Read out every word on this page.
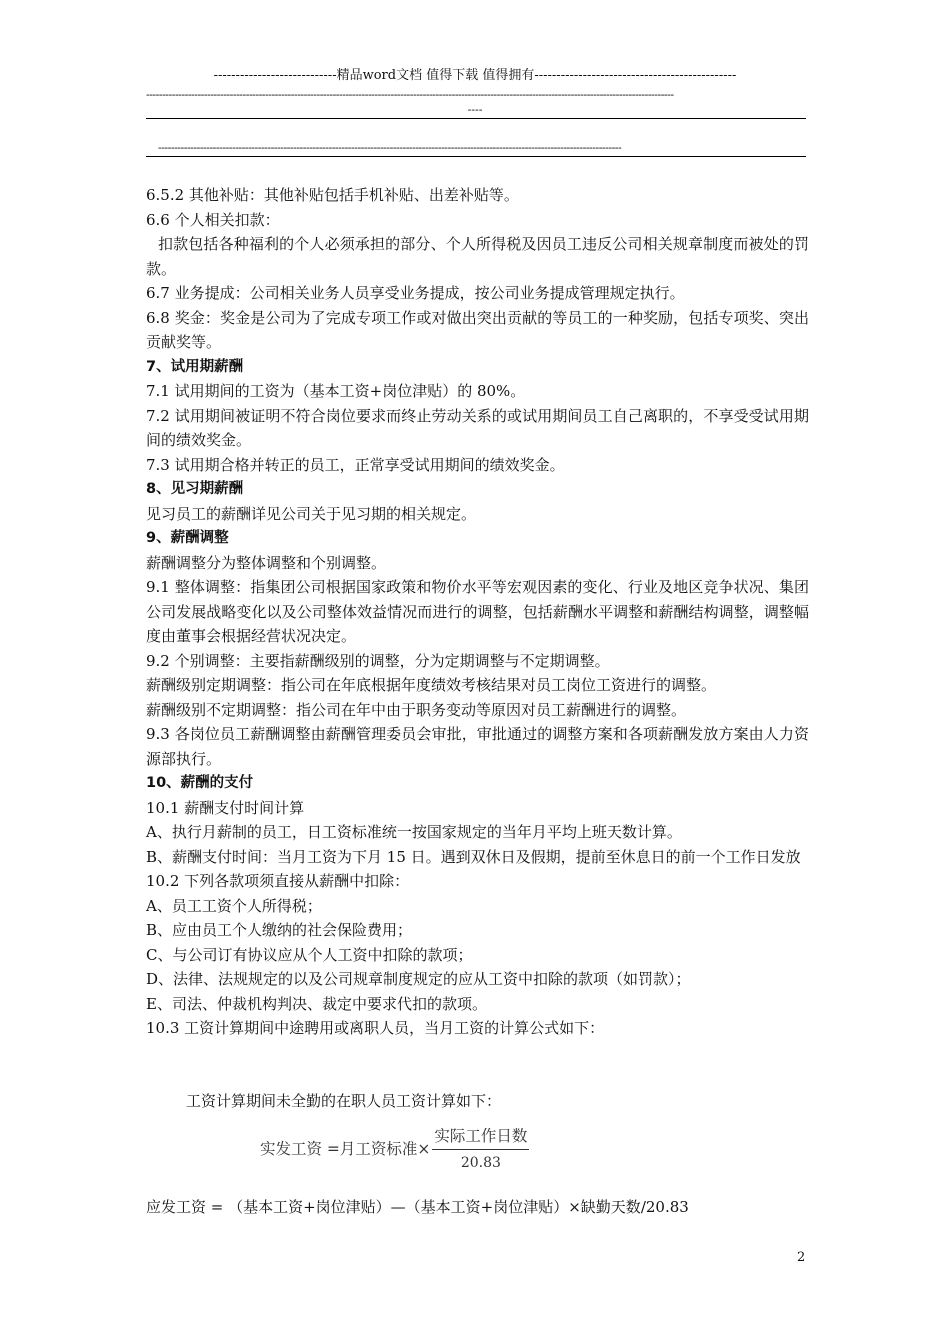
----------------------------精品word文档 值得下载 值得拥有----------------------------------------------
--------------------------------------------------------------------------------------------------------------------------------------------------------------------
----
------------------------------------------------------------------------------------------------------------------------------------------------

6.5.2 其他补贴：其他补贴包括手机补贴、出差补贴等。

6.6 个人相关扣款：

扣款包括各种福利的个人必须承担的部分、个人所得税及因员工违反公司相关规章制度而被处的罚款。

6.7 业务提成：公司相关业务人员享受业务提成，按公司业务提成管理规定执行。

6.8 奖金：奖金是公司为了完成专项工作或对做出突出贡献的等员工的一种奖励，包括专项奖、突出贡献奖等。

7、试用期薪酬

7.1 试用期间的工资为（基本工资+岗位津贴）的 80%。

7.2 试用期间被证明不符合岗位要求而终止劳动关系的或试用期间员工自己离职的，不享受受试用期间的绩效奖金。

7.3 试用期合格并转正的员工，正常享受试用期间的绩效奖金。

8、见习期薪酬

见习员工的薪酬详见公司关于见习期的相关规定。

9、薪酬调整

薪酬调整分为整体调整和个别调整。

9.1 整体调整：指集团公司根据国家政策和物价水平等宏观因素的变化、行业及地区竞争状况、集团公司发展战略变化以及公司整体效益情况而进行的调整，包括薪酬水平调整和薪酬结构调整，调整幅度由董事会根据经营状况决定。

9.2 个别调整：主要指薪酬级别的调整，分为定期调整与不定期调整。

薪酬级别定期调整：指公司在年底根据年度绩效考核结果对员工岗位工资进行的调整。

薪酬级别不定期调整：指公司在年中由于职务变动等原因对员工薪酬进行的调整。

9.3 各岗位员工薪酬调整由薪酬管理委员会审批，审批通过的调整方案和各项薪酬发放方案由人力资源部执行。

10、薪酬的支付

10.1 薪酬支付时间计算

A、执行月薪制的员工，日工资标准统一按国家规定的当年月平均上班天数计算。

B、薪酬支付时间：当月工资为下月 15 日。遇到双休日及假期，提前至休息日的前一个工作日发放

10.2 下列各款项须直接从薪酬中扣除：

A、员工工资个人所得税；

B、应由员工个人缴纳的社会保险费用；

C、与公司订有协议应从个人工资中扣除的款项；

D、法律、法规规定的以及公司规章制度规定的应从工资中扣除的款项（如罚款）；

E、司法、仲裁机构判决、裁定中要求代扣的款项。

10.3 工资计算期间中途聘用或离职人员，当月工资的计算公式如下：

工资计算期间未全勤的在职人员工资计算如下：
实发工资 =月工资标准× $\frac{\text{实际工作日数}}{20.83}$
应发工资 = （基本工资+岗位津贴）—（基本工资+岗位津贴）×缺勤天数/20.83
2
